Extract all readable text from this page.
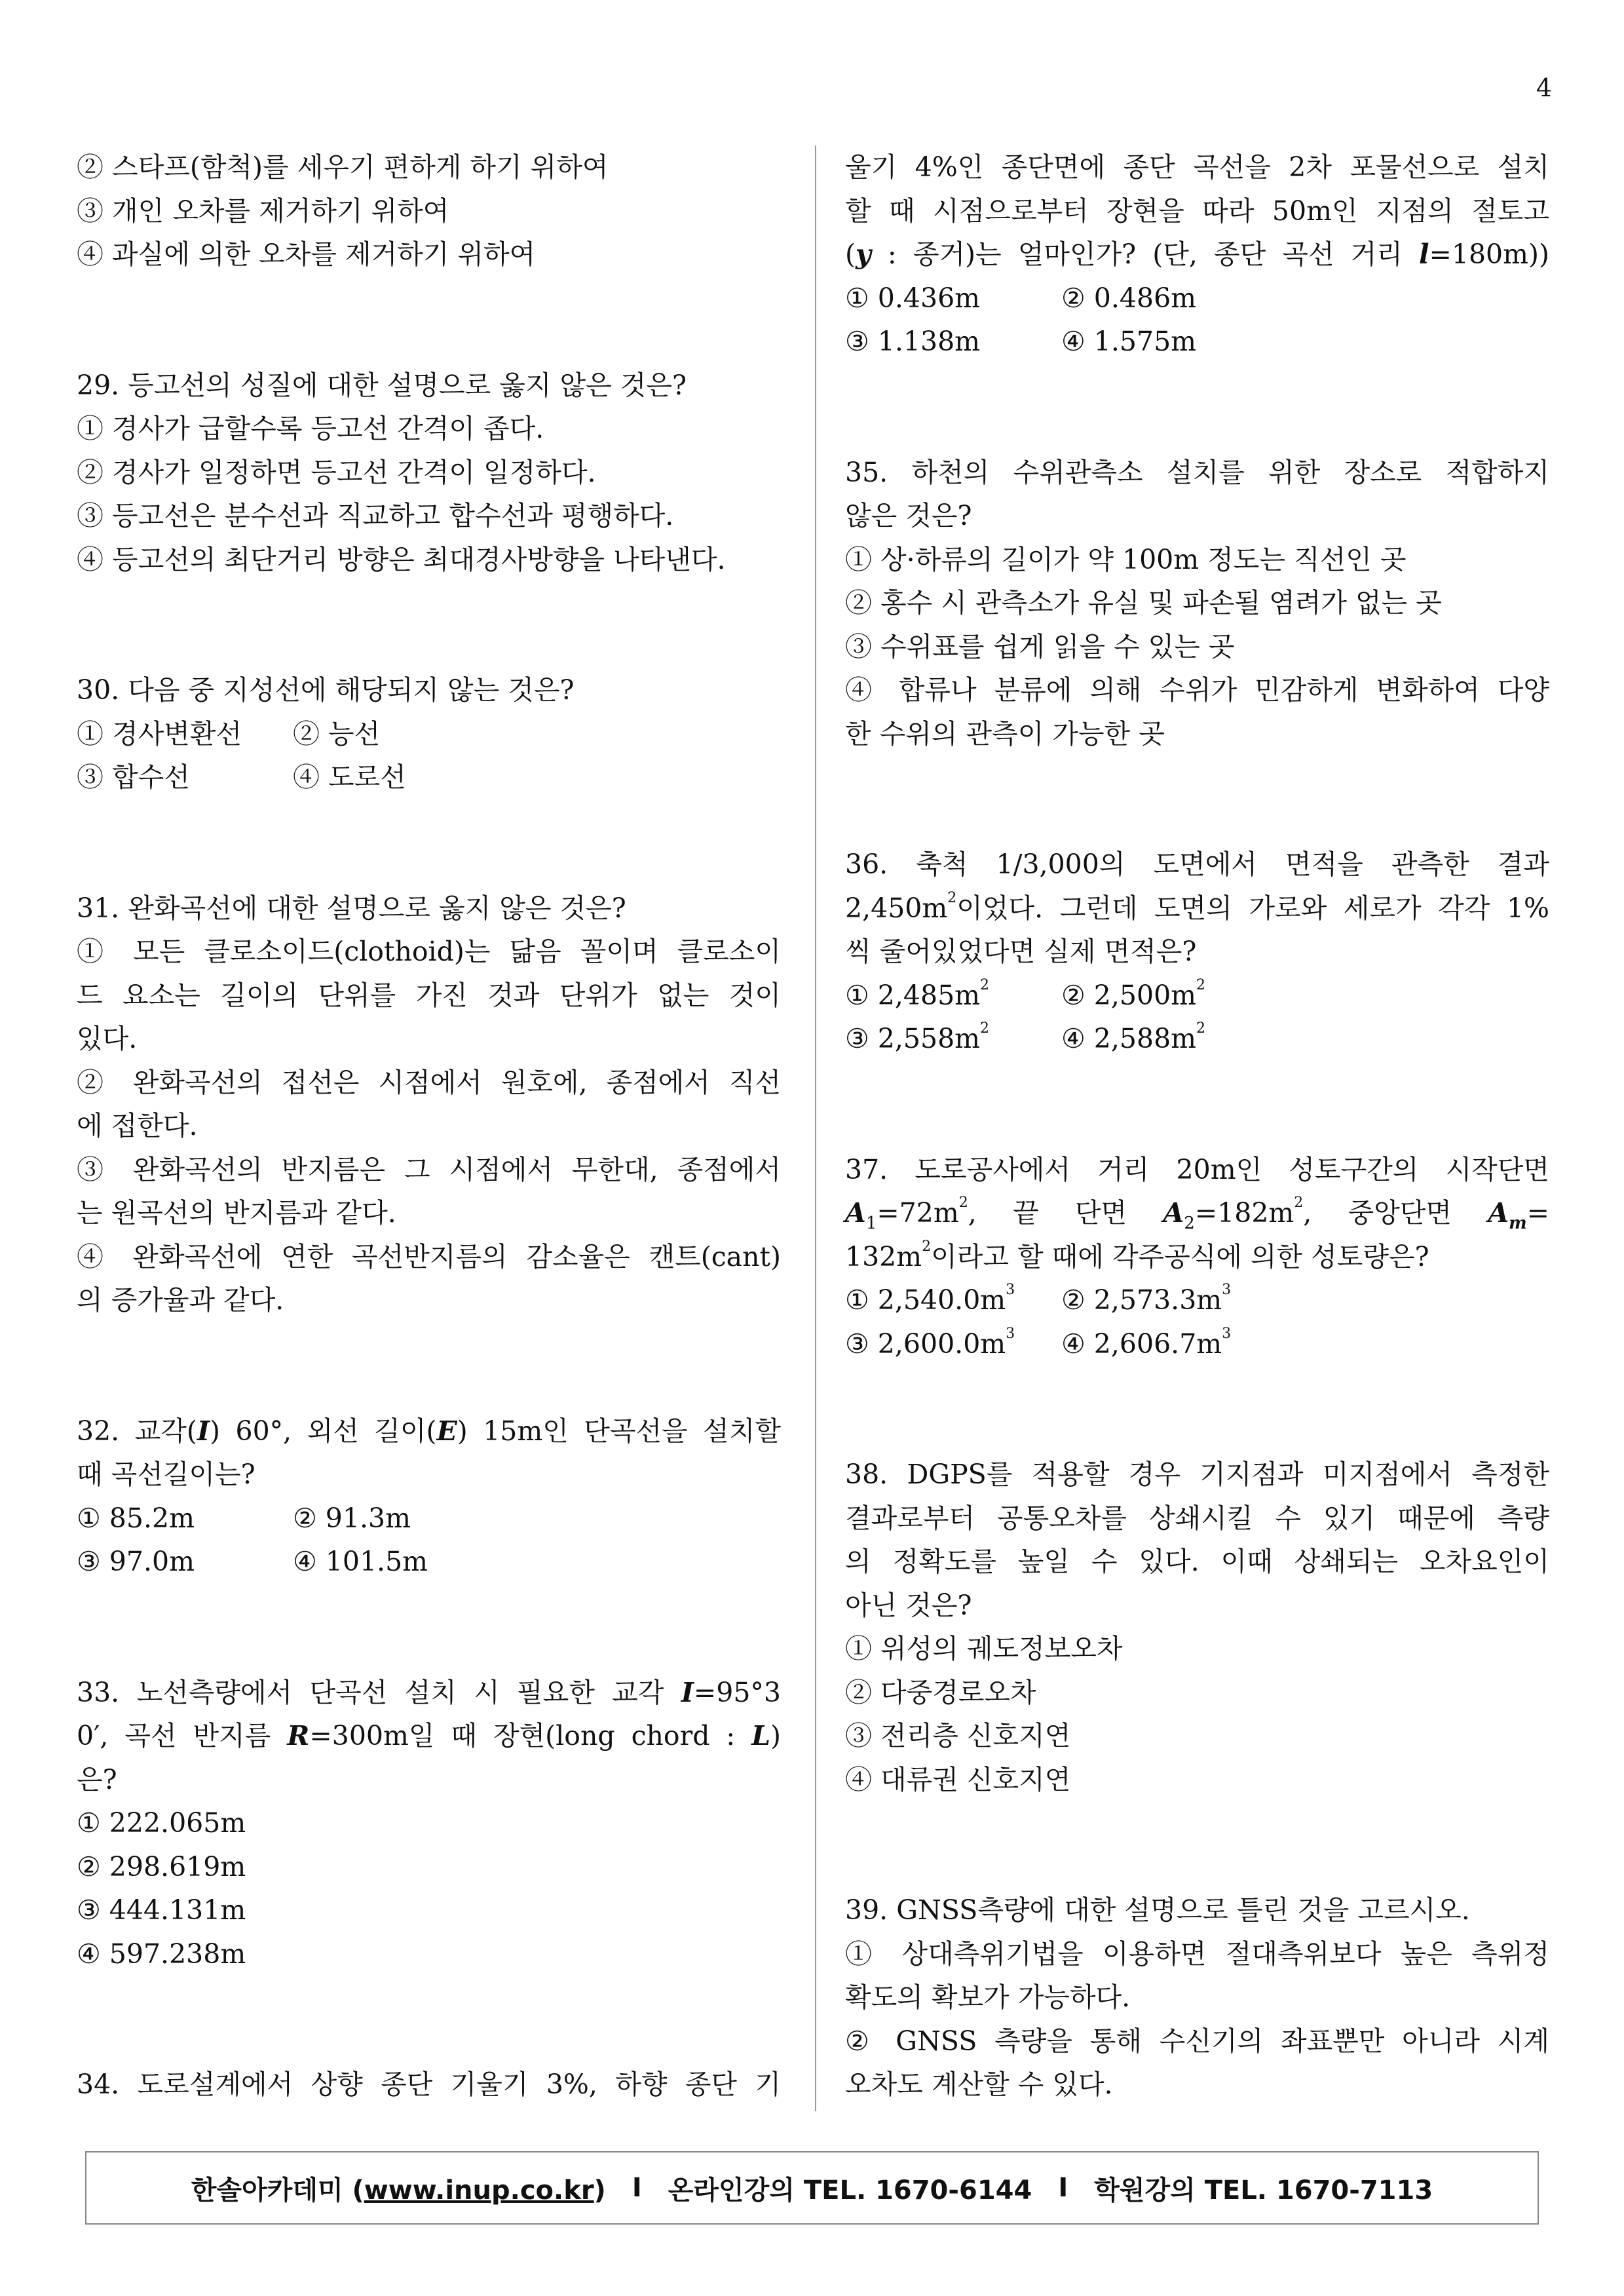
4
② 스타프(함척)를 세우기 편하게 하기 위하여
③ 개인 오차를 제거하기 위하여
④ 과실에 의한 오차를 제거하기 위하여
29. 등고선의 성질에 대한 설명으로 옳지 않은 것은?
① 경사가 급할수록 등고선 간격이 좁다.
② 경사가 일정하면 등고선 간격이 일정하다.
③ 등고선은 분수선과 직교하고 합수선과 평행하다.
④ 등고선의 최단거리 방향은 최대경사방향을 나타낸다.
30. 다음 중 지성선에 해당되지 않는 것은?
① 경사변환선	② 능선
③ 합수선	④ 도로선
31. 완화곡선에 대한 설명으로 옳지 않은 것은?
① 모든 클로소이드(clothoid)는 닮음 꼴이며 클로소이
드 요소는 길이의 단위를 가진 것과 단위가 없는 것이
있다.
② 완화곡선의 접선은 시점에서 원호에, 종점에서 직선
에 접한다.
③ 완화곡선의 반지름은 그 시점에서 무한대, 종점에서
는 원곡선의 반지름과 같다.
④ 완화곡선에 연한 곡선반지름의 감소율은 캔트(cant)
의 증가율과 같다.
32. 교각(I) 60°, 외선 길이(E) 15m인 단곡선을 설치할
때 곡선길이는?
① 85.2m	② 91.3m
③ 97.0m	④ 101.5m
33. 노선측량에서 단곡선 설치 시 필요한 교각 I=95°3
0′, 곡선 반지름 R=300m일 때 장현(long chord : L)
은?
① 222.065m
② 298.619m
③ 444.131m
④ 597.238m
34. 도로설계에서 상향 종단 기울기 3%, 하향 종단 기
울기 4%인 종단면에 종단 곡선을 2차 포물선으로 설치
할 때 시점으로부터 장현을 따라 50m인 지점의 절토고
(y : 종거)는 얼마인가? (단, 종단 곡선 거리 l=180m))
① 0.436m	② 0.486m
③ 1.138m	④ 1.575m
35. 하천의 수위관측소 설치를 위한 장소로 적합하지
않은 것은?
① 상·하류의 길이가 약 100m 정도는 직선인 곳
② 홍수 시 관측소가 유실 및 파손될 염려가 없는 곳
③ 수위표를 쉽게 읽을 수 있는 곳
④ 합류나 분류에 의해 수위가 민감하게 변화하여 다양
한 수위의 관측이 가능한 곳
36. 축척 1/3,000의 도면에서 면적을 관측한 결과
$2,450m^2$이었다. 그런데 도면의 가로와 세로가 각각 1%
씩 줄어있었다면 실제 면적은?
① $2,485m^2$	② $2,500m^2$
③ $2,558m^2$	④ $2,588m^2$
37. 도로공사에서 거리 20m인 성토구간의 시작단면
$A_1=72m^2$, 끝 단면 $A_2=182m^2$, 중앙단면 $A_m=$
$132m^2$이라고 할 때에 각주공식에 의한 성토량은?
① $2,540.0m^3$	② $2,573.3m^3$
③ $2,600.0m^3$	④ $2,606.7m^3$
38. DGPS를 적용할 경우 기지점과 미지점에서 측정한
결과로부터 공통오차를 상쇄시킬 수 있기 때문에 측량
의 정확도를 높일 수 있다. 이때 상쇄되는 오차요인이
아닌 것은?
① 위성의 궤도정보오차
② 다중경로오차
③ 전리층 신호지연
④ 대류권 신호지연
39. GNSS측량에 대한 설명으로 틀린 것을 고르시오.
① 상대측위기법을 이용하면 절대측위보다 높은 측위정
확도의 확보가 가능하다.
② GNSS 측량을 통해 수신기의 좌표뿐만 아니라 시계
오차도 계산할 수 있다.
한솔아카데미 (www.inup.co.kr) I 온라인강의 TEL. 1670-6144 I 학원강의 TEL. 1670-7113
